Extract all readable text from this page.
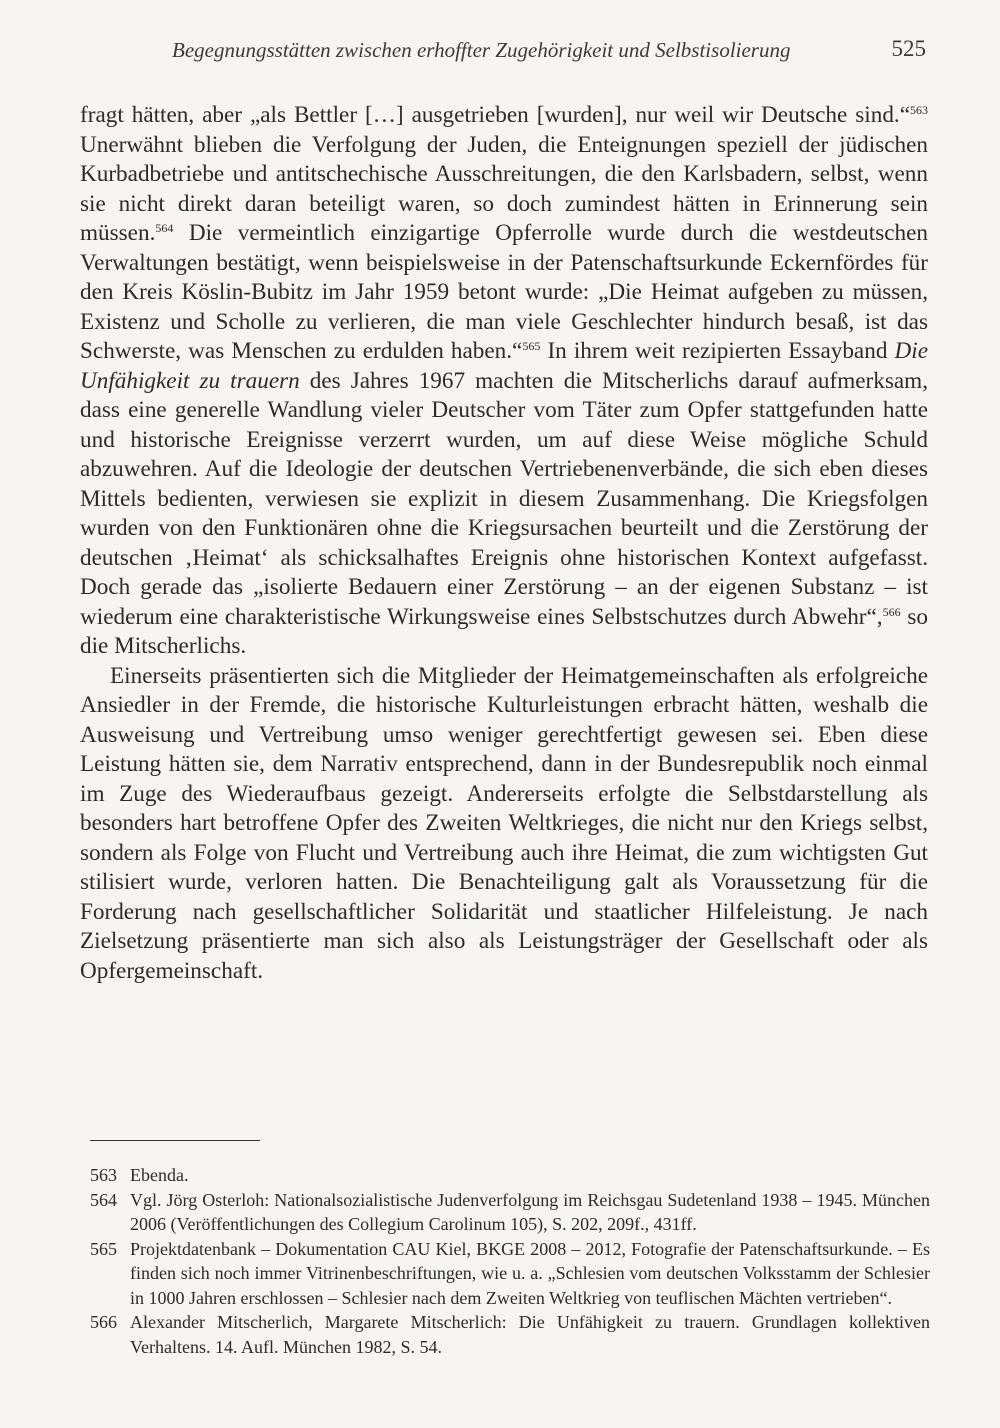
Begegnungsstätten zwischen erhoffter Zugehörigkeit und Selbstisolierung	525

fragt hätten, aber „als Bettler […] ausgetrieben [wurden], nur weil wir Deutsche sind.“$^{563}$ Unerwähnt blieben die Verfolgung der Juden, die Enteignungen speziell der jüdischen Kurbadbetriebe und antitschechische Ausschreitungen, die den Karlsbadern, selbst, wenn sie nicht direkt daran beteiligt waren, so doch zumindest hätten in Erinnerung sein müssen.$^{564}$ Die vermeintlich einzigartige Opferrolle wurde durch die westdeutschen Verwaltungen bestätigt, wenn beispielsweise in der Patenschaftsurkunde Eckernfördes für den Kreis Köslin-Bubitz im Jahr 1959 betont wurde: „Die Heimat aufgeben zu müssen, Existenz und Scholle zu verlieren, die man viele Geschlechter hindurch besaß, ist das Schwerste, was Menschen zu erdulden haben.“$^{565}$ In ihrem weit rezipierten Essayband Die Unfähigkeit zu trauern des Jahres 1967 machten die Mitscherlichs darauf aufmerksam, dass eine generelle Wandlung vieler Deutscher vom Täter zum Opfer stattgefunden hatte und historische Ereignisse verzerrt wurden, um auf diese Weise mögliche Schuld abzuwehren. Auf die Ideologie der deutschen Vertriebenenverbände, die sich eben dieses Mittels bedienten, verwiesen sie explizit in diesem Zusammenhang. Die Kriegsfolgen wurden von den Funktionären ohne die Kriegsursachen beurteilt und die Zerstörung der deutschen ‚Heimat‘ als schicksalhaftes Ereignis ohne historischen Kontext aufgefasst. Doch gerade das „isolierte Bedauern einer Zerstörung – an der eigenen Substanz – ist wiederum eine charakteristische Wirkungsweise eines Selbstschutzes durch Abwehr“,$^{566}$ so die Mitscherlichs.

Einerseits präsentierten sich die Mitglieder der Heimatgemeinschaften als erfolgreiche Ansiedler in der Fremde, die historische Kulturleistungen erbracht hätten, weshalb die Ausweisung und Vertreibung umso weniger gerechtfertigt gewesen sei. Eben diese Leistung hätten sie, dem Narrativ entsprechend, dann in der Bundesrepublik noch einmal im Zuge des Wiederaufbaus gezeigt. Andererseits erfolgte die Selbstdarstellung als besonders hart betroffene Opfer des Zweiten Weltkrieges, die nicht nur den Kriegs selbst, sondern als Folge von Flucht und Vertreibung auch ihre Heimat, die zum wichtigsten Gut stilisiert wurde, verloren hatten. Die Benachteiligung galt als Voraussetzung für die Forderung nach gesellschaftlicher Solidarität und staatlicher Hilfeleistung. Je nach Zielsetzung präsentierte man sich also als Leistungsträger der Gesellschaft oder als Opfergemeinschaft.

563 Ebenda.
564 Vgl. Jörg Osterloh: Nationalsozialistische Judenverfolgung im Reichsgau Sudetenland 1938 – 1945. München 2006 (Veröffentlichungen des Collegium Carolinum 105), S. 202, 209f., 431ff.
565 Projektdatenbank – Dokumentation CAU Kiel, BKGE 2008 – 2012, Fotografie der Patenschaftsurkunde. – Es finden sich noch immer Vitrinenbeschriftungen, wie u. a. „Schlesien vom deutschen Volksstamm der Schlesier in 1000 Jahren erschlossen – Schlesier nach dem Zweiten Weltkrieg von teuflischen Mächten vertrieben“.
566 Alexander Mitscherlich, Margarete Mitscherlich: Die Unfähigkeit zu trauern. Grundlagen kollektiven Verhaltens. 14. Aufl. München 1982, S. 54.
